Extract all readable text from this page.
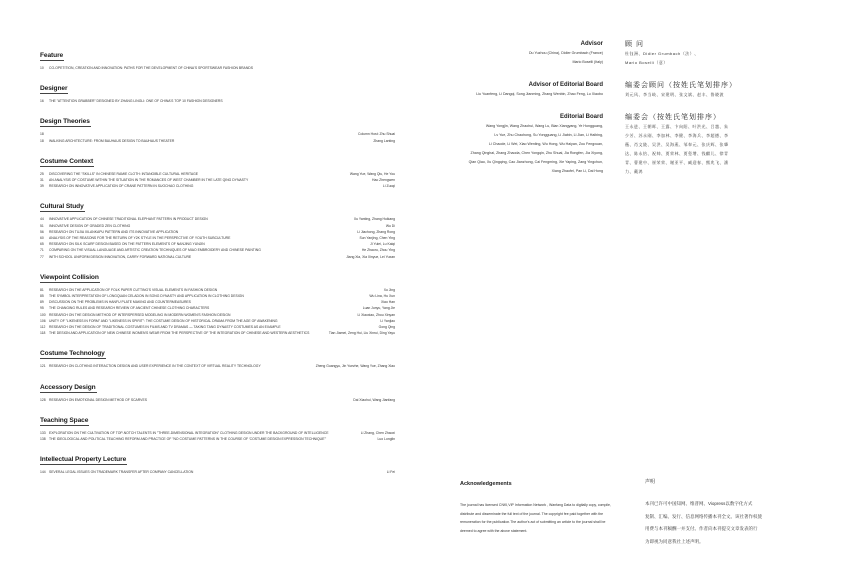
Feature
10	CO-OPETITION, CREATION AND INNOVATION: PATHS FOR THE DEVELOPMENT OF CHINA'S SPORTSWEAR FASHION BRANDS
Designer
16	THE "ATTENTION GRABBER" DESIGNED BY ZHANG LINGLI: ONE OF CHINA'S TOP 10 FASHION DESIGNERS
Design Theories
18	Column Host: Zhu Shuai
18	WALKING ARCHITECTURE: FROM BAUHAUS DESIGN TO BAUHAUS THEATER	Zhang Lanting
Costume Context
25	DISCOVERING THE "SKILLS" IN CHINESE RAMIE CLOTH: INTANGIBLE CULTURAL HERITAGE	Wang Yue, Wang Qiu, He You
31	AN ANALYSIS OF COSTUME WITHIN THE SITUATION IN THE ROMANCES OF WEST CHAMBER IN THE LATE QING DYNASTY	Hao Zhengwen
39	RESEARCH ON INNOVATIVE APPLICATION OF CRANE PATTERN IN SUOCHAO CLOTHING	Li Zuoqi
Cultural Study
44	INNOVATIVE APPLICATION OF CHINESE TRADITIONAL ELEPHANT PATTERN IN PRODUCT DESIGN	Xu Yanting, Zhang Huikang
51	INNOVATIVE DESIGN OF GRADED ZEN CLOTHING	Wu Di
56	RESEARCH ON TUJIA XILANKAPU PATTERN AND ITS INNOVATIVE APPLICATION	Li Jiachong, Zhang Rong
60	ANALYSIS OF THE REASONS FOR THE RETURN OF Y2K STYLE IN THE PERSPECTIVE OF YOUTH SUBCULTURE	Sun Yanjing, Chen Ying
65	RESEARCH ON SILK SCARF DESIGN BASED ON THE PATTERN ELEMENTS OF NANJING YUNJIN	Ji Yulei, Lu Kaiqi
71	COMPARING ON THE VISUAL LANGUAGE AND ARTISTIC CREATION TECHNIQUES OF MIAO EMBROIDERY AND CHINESE PAINTING	He Zhaoru, Zhou Ying
77	WITH SCHOOL UNIFORM DESIGN INNOVATION, CARRY FORWARD NATIONAL CULTURE	Jiang Xia, Xia Xinyue, Lei Yuxan
Viewpoint Collision
81	RESEARCH ON THE APPLICATION OF FOLK PAPER CUTTING'S VISUAL ELEMENTS IN FASHION DESIGN	Xu Jing
85	THE SYMBOL INTERPRETATION OF LONGQUAN CELADON IN SONG DYNASTY AND APPLICATION IN CLOTHING DESIGN	Wu Lina, Hu Xun
89	DISCUSSION ON THE PROBLEMS IN HANFU PLATE MAKING AND COUNTERMEASURES	Xiao Han
95	THE CHANGING RULES AND RESEARCH REVIEW OF ANCIENT CHINESE CLOTHING CHARACTERS	Luan Junyu, Yang Jie
100 RESEARCH ON THE DESIGN METHOD OF INTERSPERSED MODELING IN MODERN WOMEN'S FASHION DESIGN	Li Xiaoxiao, Zhou Xinyan
106 UNITY OF "LIKENESS IN FORM" AND "LIKENESS IN SPIRIT": THE COSTUME DESIGN OF HISTORICAL DRAMA FROM THE AGE OF AWAKENING	Li Yanjiao
112	RESEARCH ON THE DESIGN OF TRADITIONAL COSTUMES IN FILMS AND TV DRAMAS — TAKING TANG DYNASTY COSTUMES AS AN EXAMPLE	Gong Qing
118	THE DESIGN AND APPLICATION OF NEW CHINESE WOMEN'S WEAR FROM THE PERSPECTIVE OF THE INTEGRATION OF CHINESE AND WESTERN AESTHETICS	Tian Jiamei, Zeng Hui, Liu Xinrui, Ding Yayu
Costume Technology
121 RESEARCH ON CLOTHING INTERACTION DESIGN AND USER EXPERIENCE IN THE CONTEXT OF VIRTUAL REALITY TECHNOLOGY	Zheng Guangyu, Jin Yuezhe, Wang Yue, Zhang Xiao
Accessory Design
128 RESEARCH ON EMOTIONAL DESIGN METHOD OF SCARVES	Dai Xiaohui, Wang Jianfang
Teaching Space
133 EXPLORATION ON THE CULTIVATION OF TOP-NOTCH TALENTS IN "THREE-DIMENSIONAL INTEGRATION" CLOTHING DESIGN UNDER THE BACKGROUND OF INTELLIGENCE	Li Zhang, Chen Zhaoxi
138 THE IDEOLOGICAL AND POLITICAL TEACHING REFORM AND PRACTICE OF "NO COSTUME PATTERNS IN THE COURSE OF 'COSTUME DESIGN EXPRESSION TECHNIQUE'"	Luo Longlin
Intellectual Property Lecture
144 SEVERAL LEGAL ISSUES ON TRADEMARK TRANSFER AFTER COMPANY CANCELLATION	Li Fei
Advisor
Du Yuzhou (China), Didier Grumbach (France)
Mario Boselli (Italy)
顾 问
杜钰洲、Didier Grumbach（法）、
Mario Boselli（意）
Advisor of Editorial Board
Liu Yuanfeng, Li Dangqi, Song Jianming, Zhang Wenbin, Zhao Feng, Lu Xiaobo
编委会顾问（按姓氏笔划排序）
刘元风、李当岐、宋建明、张文斌、赵丰、鲁晓波
Editorial Board
Wang Yongjin, Wang Zhaohui, Wang Lu, Bian Xiangyang, Ye Hongguang,
Lv Yue, Zhu Chaohong, Su Yongguang, Li Jiabin, Li Jian, Li Haibing,
Li Chaode, Li Wei, Xiao Wenling, Wu Hong, Wu Haiyan, Zou Fengxuan,
Zhang Qinghai, Zhang Zhaoda, Chen Yongqin, Zhu Shuai, Jia Rongfen, Jia Xiyong,
Qian Qiao, Xu Qingqing, Cao Jianzhong, Cai Fengming, Xie Yaping, Zang Yingchun,
Xiang Zhaofei, Pan Li, Dai Hong
编委会（按姓氏笔划排序）
王永进、王朝晖、王露、卞向阳、叶洪光、吕越、朱
少芳、苏永刚、李加林、李健、李海兵、李超德、李
薇、肖文陵、吴洪、吴海燕、邹奉元、张庆辉、张肇
达、陈永怡、祝帅、贾荣林、贾玺增、钱麒儿、徐青
青、曹建中、崔荣荣、谢亚平、臧迎春、熊兆飞、潘
力、戴鸿
Acknowledgements

The journal has licensed CNKI,VIP Information Network , Wanfang Data to digitally copy, compile,

distribute and disseminate the full text of the journal. The copyright fee paid together with the

remuneration for the publication.The author's act of submitting an article to the journal shall be

deemed to agree with the above statement.

声明

本刊已许可中国知网、维普网、Viopress以数字化方式

复制、汇编、发行、信息网络传播本刊全文。该社著作权使

用费与本刊稿酬一并支付。作者向本刊提交文章发表的行

为即视为同意我社上述声明。
